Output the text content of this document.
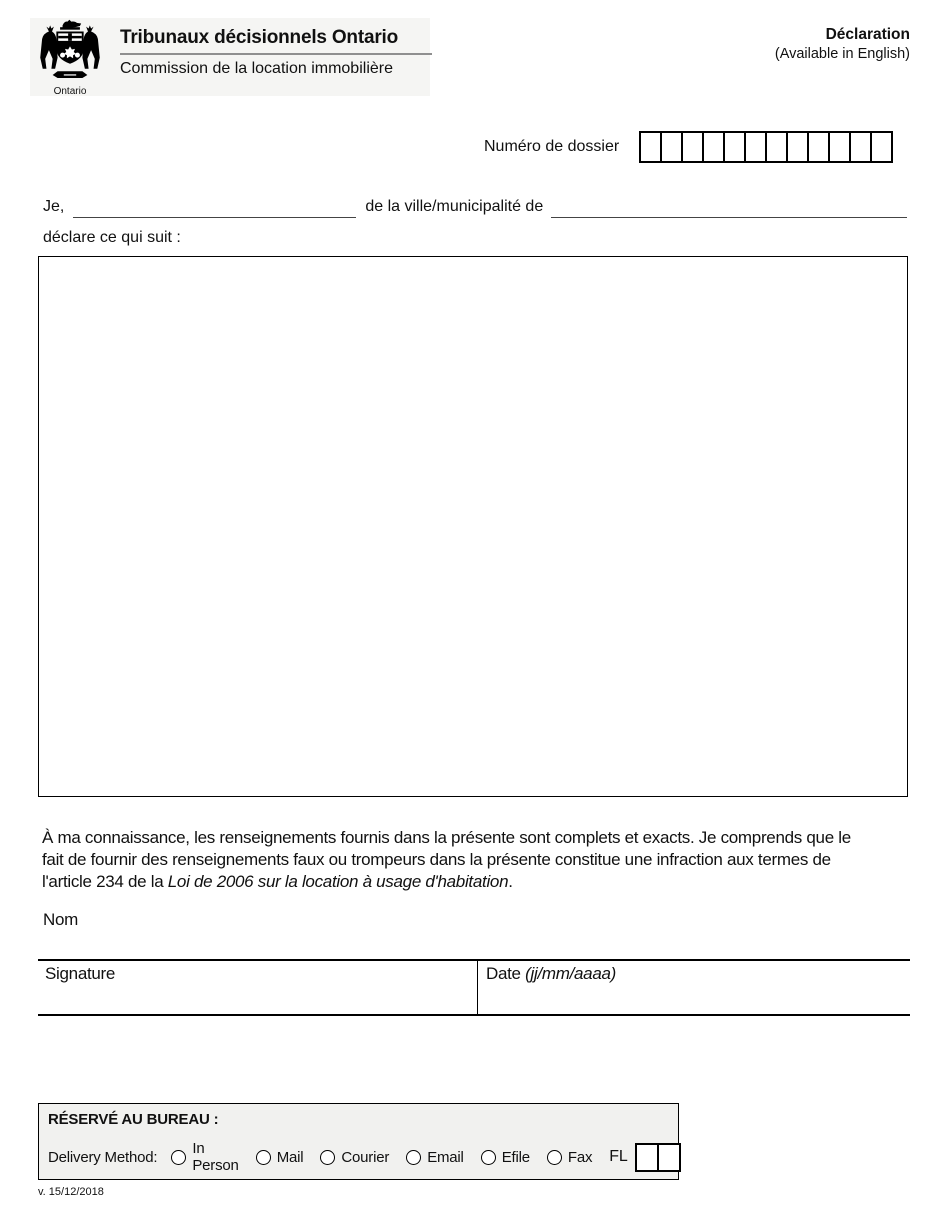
Ontario
Tribunaux décisionnels Ontario
Commission de la location immobilière
Déclaration
(Available in English)
Numéro de dossier
Je,	de la ville/municipalité de
déclare ce qui suit :
À ma connaissance, les renseignements fournis dans la présente sont complets et exacts. Je comprends que le
fait de fournir des renseignements faux ou trompeurs dans la présente constitue une infraction aux termes de
l'article 234 de la Loi de 2006 sur la location à usage d'habitation.
Nom
Signature	Date (jj/mm/aaaa)
RÉSERVÉ AU BUREAU :
Delivery Method: In Person	Mail	Courier	Email	Efile	Fax FL
v. 15/12/2018
